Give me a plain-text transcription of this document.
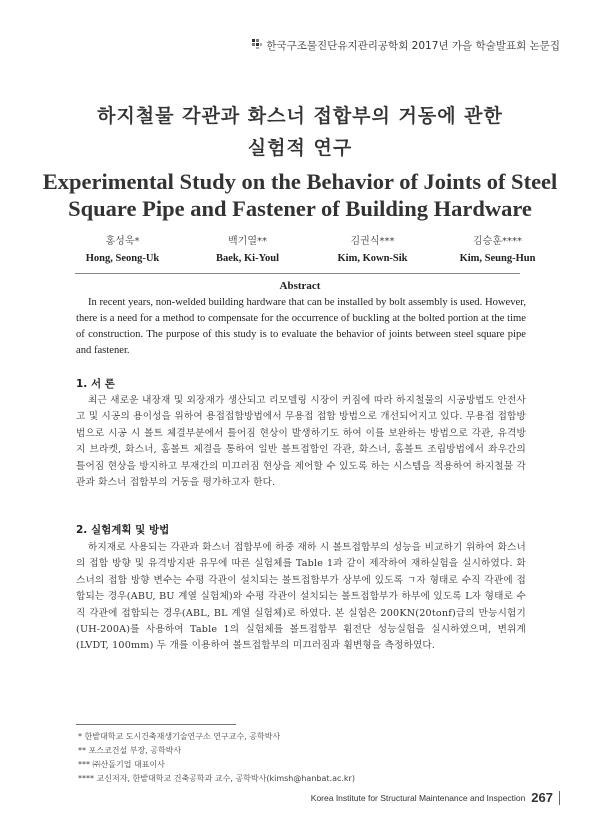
한국구조물진단유지관리공학회 2017년 가을 학술발표회 논문집
하지철물 각관과 화스너 접합부의 거동에 관한
실험적 연구
Experimental Study on the Behavior of Joints of Steel
Square Pipe and Fastener of Building Hardware
홍성욱*
Hong, Seong-Uk
백기열**
Baek, Ki-Youl
김권식***
Kim, Kown-Sik
김승훈****
Kim, Seung-Hun
Abstract
In recent years, non-welded building hardware that can be installed by bolt assembly is used. However, there is a need for a method to compensate for the occurrence of buckling at the bolted portion at the time of construction. The purpose of this study is to evaluate the behavior of joints between steel square pipe and fastener.
1. 서 론
최근 새로운 내장재 및 외장재가 생산되고 리모델링 시장이 커짐에 따라 하지철물의 시공방법도 안전사고 및 시공의 용이성을 위하여 용접접합방법에서 무용접 접합 방법으로 개선되어지고 있다. 무용접 접합방법으로 시공 시 볼트 체결부분에서 틀어짐 현상이 발생하기도 하여 이를 보완하는 방법으로 각관, 유격방지 브라켓, 화스너, 홈볼트 체결을 통하여 일반 볼트접합인 각관, 화스너, 홈볼트 조립방법에서 좌우간의 틀어짐 현상을 방지하고 부재간의 미끄러짐 현상을 제어할 수 있도록 하는 시스템을 적용하여 하지철물 각관과 화스너 접합부의 거동을 평가하고자 한다.
2. 실험계획 및 방법
하지재로 사용되는 각관과 화스너 접합부에 하중 재하 시 볼트접합부의 성능을 비교하기 위하여 화스너의 접합 방향 및 유격방지판 유무에 따른 실험체를 Table 1과 같이 제작하여 재하실험을 실시하였다. 화스너의 접합 방향 변수는 수평 각관이 설치되는 볼트접합부가 상부에 있도록 ㄱ자 형태로 수직 각관에 접합되는 경우(ABU, BU 계열 실험체)와 수평 각관이 설치되는 볼트접합부가 하부에 있도록 L자 형태로 수직 각관에 접합되는 경우(ABL, BL 계열 실험체)로 하였다. 본 실험은 200KN(20tonf)급의 만능시험기 (UH-200A)를 사용하여 Table 1의 실험체를 볼트접합부 휨전단 성능실험을 실시하였으며, 변위계(LVDT, 100mm) 두 개를 이용하여 볼트접합부의 미끄러짐과 휨변형을 측정하였다.
* 한밭대학교 도시건축재생기술연구소 연구교수, 공학박사
** 포스코건설 부장, 공학박사
*** ㈜산돌기업 대표이사
**** 교신저자, 한밭대학교 건축공학과 교수, 공학박사(kimsh@hanbat.ac.kr)
Korea Institute for Structural Maintenance and Inspection 267
